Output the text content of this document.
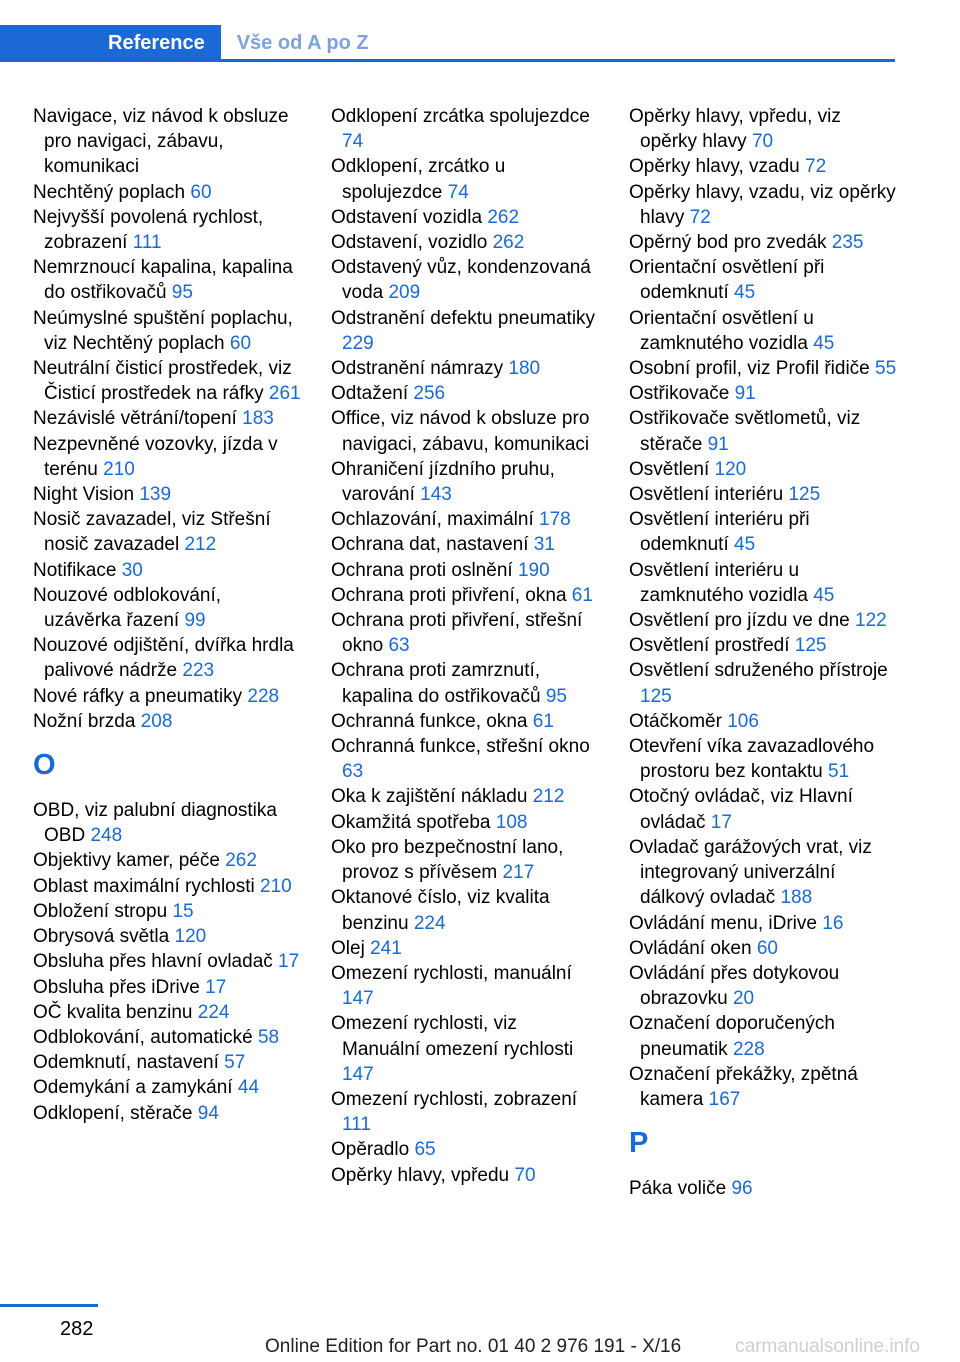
Reference	Vše od A po Z
Navigace, viz návod k obsluze pro navigaci, zábavu, komunikaci
Nechtěný poplach 60
Nejvyšší povolená rychlost, zobrazení 111
Nemrznoucí kapalina, kapalina do ostřikovačů 95
Neúmyslné spuštění poplachu, viz Nechtěný poplach 60
Neutrální čisticí prostředek, viz Čisticí prostředek na ráfky 261
Nezávislé větrání/topení 183
Nezpevněné vozovky, jízda v terénu 210
Night Vision 139
Nosič zavazadel, viz Střešní nosič zavazadel 212
Notifikace 30
Nouzové odblokování, uzávěrka řazení 99
Nouzové odjištění, dvířka hrdla palivové nádrže 223
Nové ráfky a pneumatiky 228
Nožní brzda 208
O
OBD, viz palubní diagnostika OBD 248
Objektivy kamer, péče 262
Oblast maximální rychlosti 210
Obložení stropu 15
Obrysová světla 120
Obsluha přes hlavní ovladač 17
Obsluha přes iDrive 17
OČ kvalita benzinu 224
Odblokování, automatické 58
Odemknutí, nastavení 57
Odemykání a zamykání 44
Odklopení, stěrače 94
Odklopení zrcátka spolujezdce 74
Odklopení, zrcátko u spolujezdce 74
Odstavení vozidla 262
Odstavení, vozidlo 262
Odstavený vůz, kondenzovaná voda 209
Odstranění defektu pneumatiky 229
Odstranění námrazy 180
Odtažení 256
Office, viz návod k obsluze pro navigaci, zábavu, komunikaci
Ohraničení jízdního pruhu, varování 143
Ochlazování, maximální 178
Ochrana dat, nastavení 31
Ochrana proti oslnění 190
Ochrana proti přivření, okna 61
Ochrana proti přivření, střešní okno 63
Ochrana proti zamrznutí, kapalina do ostřikovačů 95
Ochranná funkce, okna 61
Ochranná funkce, střešní okno 63
Oka k zajištění nákladu 212
Okamžitá spotřeba 108
Oko pro bezpečnostní lano, provoz s přívěsem 217
Oktanové číslo, viz kvalita benzinu 224
Olej 241
Omezení rychlosti, manuální 147
Omezení rychlosti, viz Manuální omezení rychlosti 147
Omezení rychlosti, zobrazení 111
Opěradlo 65
Opěrky hlavy, vpředu 70
Opěrky hlavy, vpředu, viz opěrky hlavy 70
Opěrky hlavy, vzadu 72
Opěrky hlavy, vzadu, viz opěrky hlavy 72
Opěrný bod pro zvedák 235
Orientační osvětlení při odemknutí 45
Orientační osvětlení u zamknutého vozidla 45
Osobní profil, viz Profil řidiče 55
Ostřikovače 91
Ostřikovače světlometů, viz stěrače 91
Osvětlení 120
Osvětlení interiéru 125
Osvětlení interiéru při odemknutí 45
Osvětlení interiéru u zamknutého vozidla 45
Osvětlení pro jízdu ve dne 122
Osvětlení prostředí 125
Osvětlení sdruženého přístroje 125
Otáčkoměr 106
Otevření víka zavazadlového prostoru bez kontaktu 51
Otočný ovládač, viz Hlavní ovládač 17
Ovladač garážových vrat, viz integrovaný univerzální dálkový ovladač 188
Ovládání menu, iDrive 16
Ovládání oken 60
Ovládání přes dotykovou obrazovku 20
Označení doporučených pneumatik 228
Označení překážky, zpětná kamera 167
P
Páka voliče 96
282
Online Edition for Part no. 01 40 2 976 191 - X/16	carmanualsonline.info
